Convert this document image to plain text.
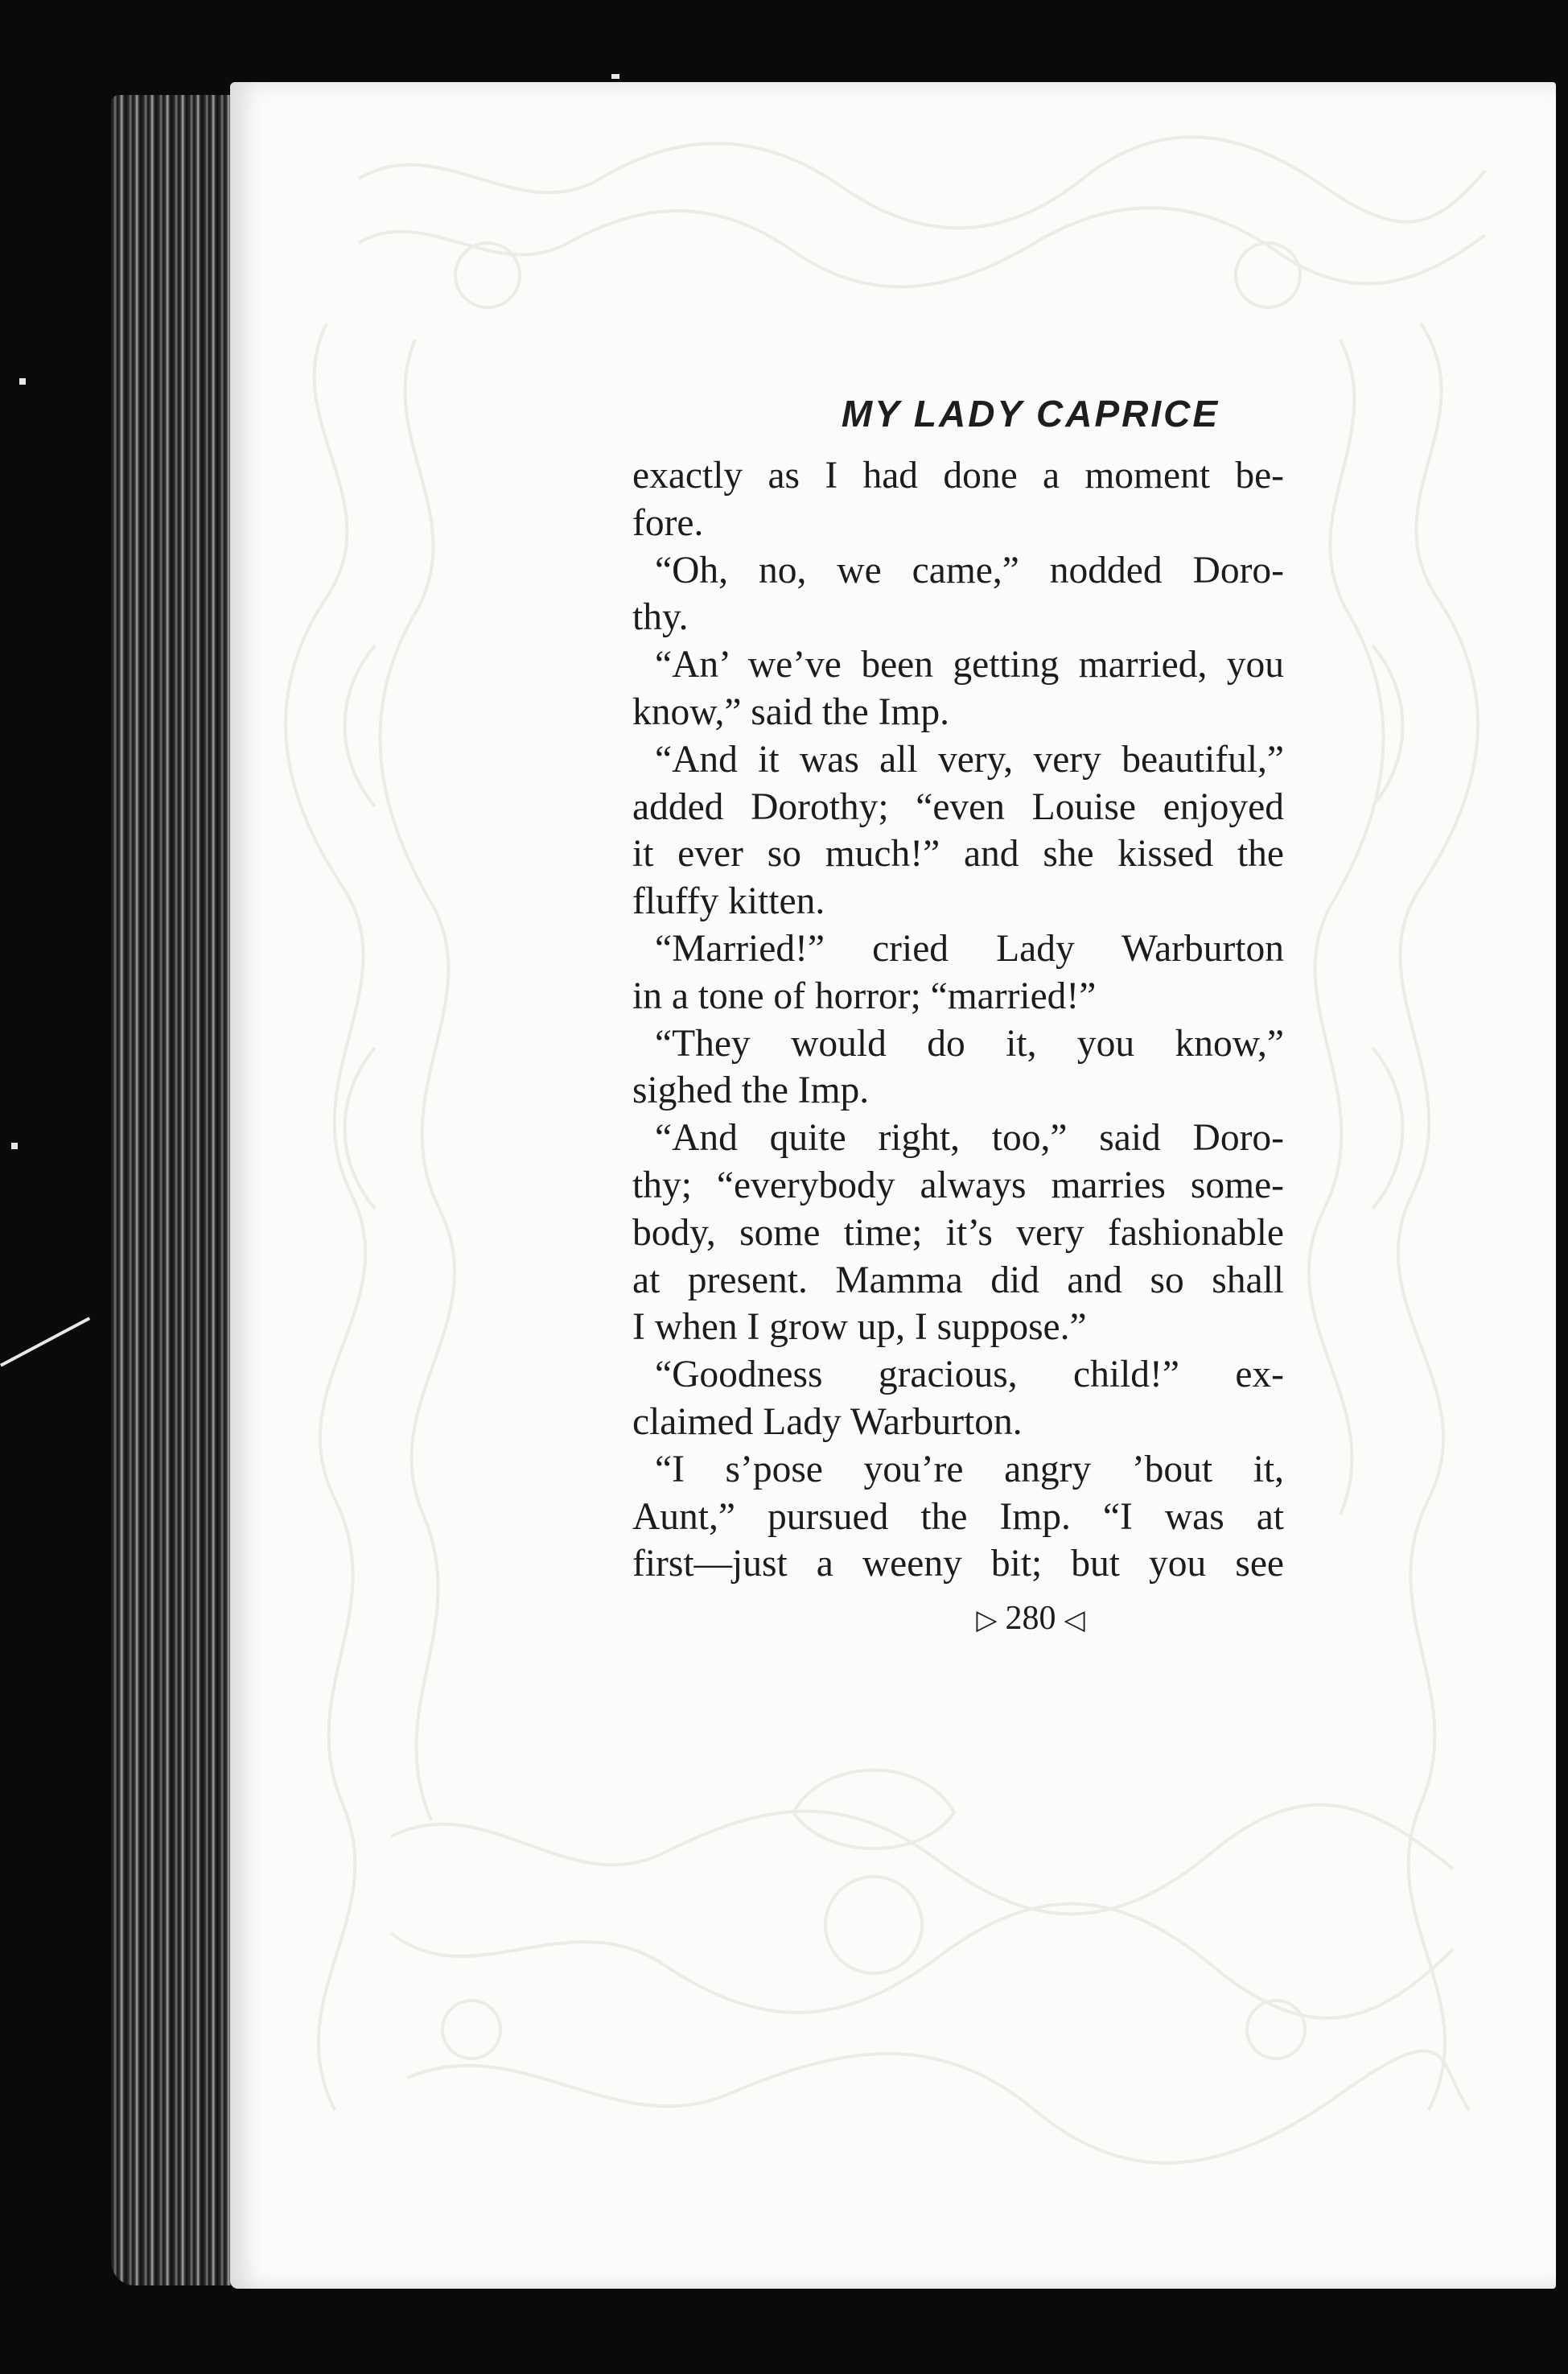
MY LADY CAPRICE
exactly as I had done a moment be-
fore.
“Oh, no, we came,” nodded Doro-
thy.
“An’ we’ve been getting married, you
know,” said the Imp.
“And it was all very, very beautiful,”
added Dorothy; “even Louise enjoyed
it ever so much!” and she kissed the
fluffy kitten.
“Married!” cried Lady Warburton
in a tone of horror; “married!”
“They would do it, you know,”
sighed the Imp.
“And quite right, too,” said Doro-
thy; “everybody always marries some-
body, some time; it’s very fashionable
at present. Mamma did and so shall
I when I grow up, I suppose.”
“Goodness gracious, child!” ex-
claimed Lady Warburton.
“I s’pose you’re angry ’bout it,
Aunt,” pursued the Imp. “I was at
first—just a weeny bit; but you see
▷ 280 ◁
